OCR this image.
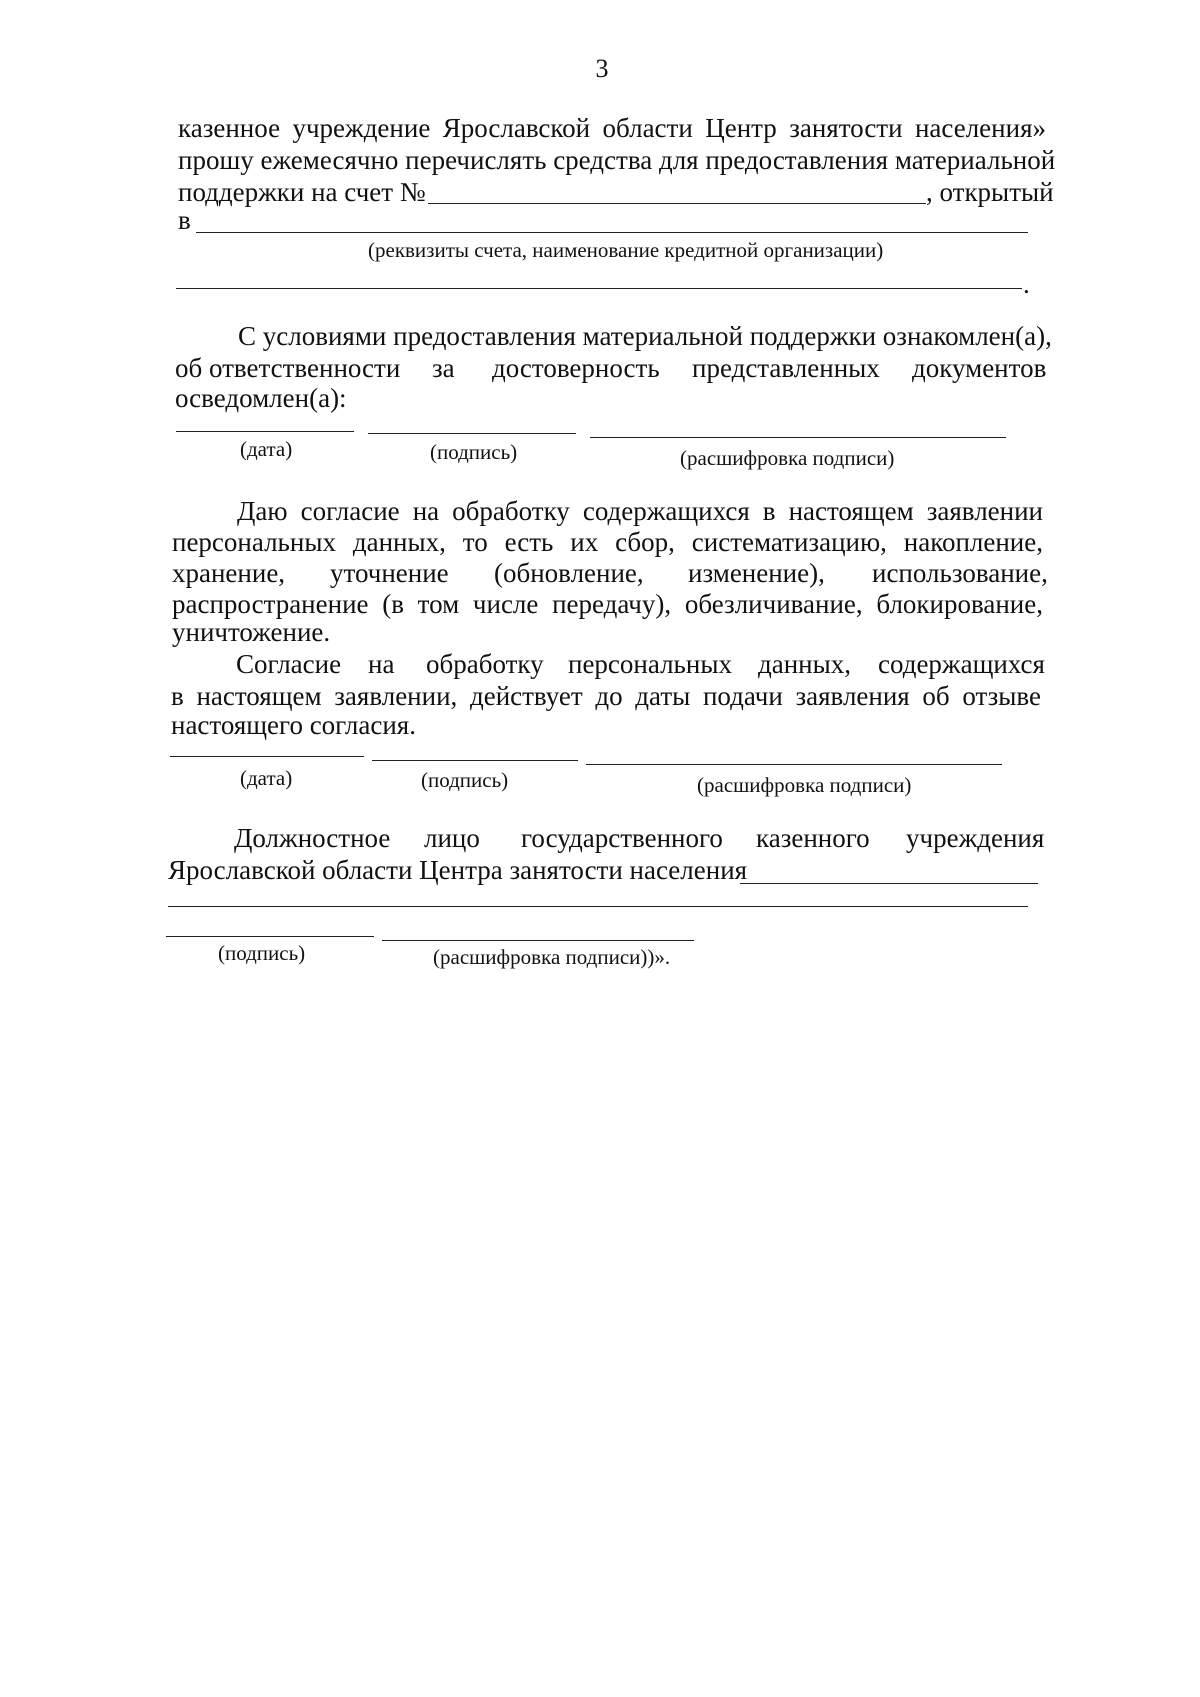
3
казенное учреждение Ярославской области Центр занятости населения»
прошу ежемесячно перечислять средства для предоставления материальной
поддержки на счет №	, открытый
в
(реквизиты счета, наименование кредитной организации)
.
С условиями предоставления материальной поддержки ознакомлен(а),
об ответственности за достоверность представленных документов
осведомлен(а):
(дата)	(подпись)	(расшифровка подписи)
Даю согласие на обработку содержащихся в настоящем заявлении
персональных данных, то есть их сбор, систематизацию, накопление,
хранение, уточнение (обновление, изменение), использование,
распространение (в том числе передачу), обезличивание, блокирование,
уничтожение.
Согласие на обработку персональных данных, содержащихся
в настоящем заявлении, действует до даты подачи заявления об отзыве
настоящего согласия.
(дата)	(подпись)	(расшифровка подписи)
Должностное лицо государственного казенного учреждения
Ярославской области Центра занятости населения
(подпись)	(расшифровка подписи))».
